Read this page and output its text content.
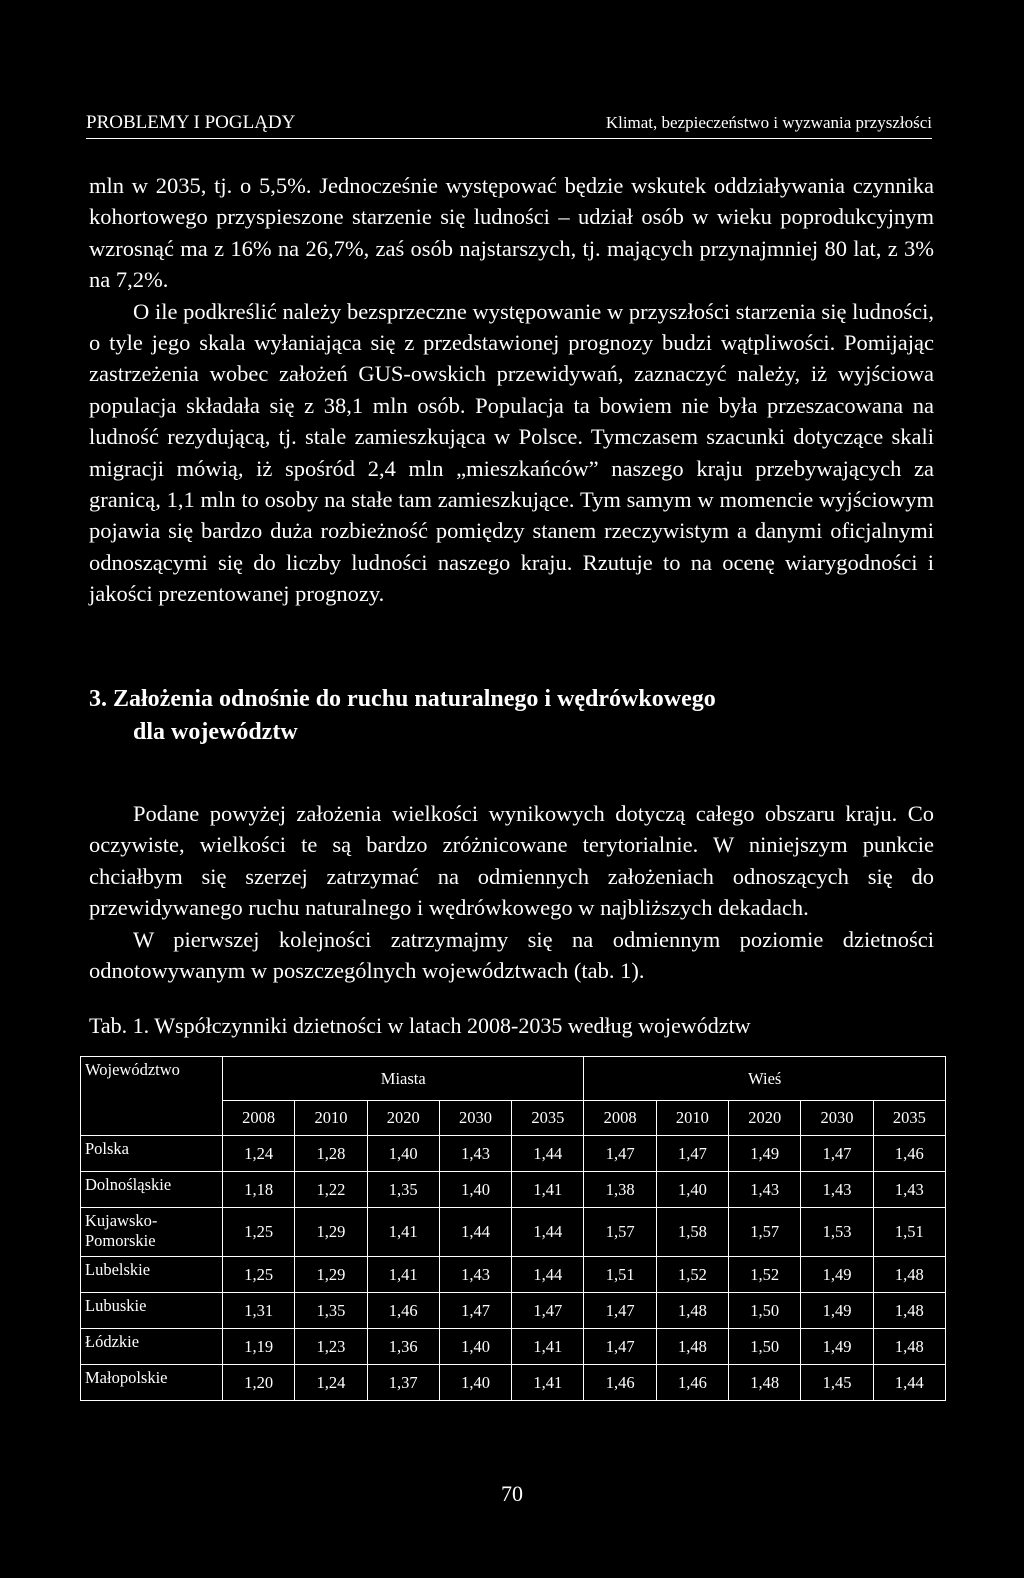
PROBLEMY I POGLĄDY	Klimat, bezpieczeństwo i wyzwania przyszłości

mln w 2035, tj. o 5,5%. Jednocześnie występować będzie wskutek oddziaływania czynnika kohortowego przyspieszone starzenie się ludności – udział osób w wieku poprodukcyjnym wzrosnąć ma z 16% na 26,7%, zaś osób najstarszych, tj. mających przynajmniej 80 lat, z 3% na 7,2%.

O ile podkreślić należy bezsprzeczne występowanie w przyszłości starzenia się ludności, o tyle jego skala wyłaniająca się z przedstawionej prognozy budzi wątpliwości. Pomijając zastrzeżenia wobec założeń GUS-owskich przewidywań, zaznaczyć należy, iż wyjściowa populacja składała się z 38,1 mln osób. Populacja ta bowiem nie była przeszacowana na ludność rezydującą, tj. stale zamieszkująca w Polsce. Tymczasem szacunki dotyczące skali migracji mówią, iż spośród 2,4 mln „mieszkańców” naszego kraju przebywających za granicą, 1,1 mln to osoby na stałe tam zamieszkujące. Tym samym w momencie wyjściowym pojawia się bardzo duża rozbieżność pomiędzy stanem rzeczywistym a danymi oficjalnymi odnoszącymi się do liczby ludności naszego kraju. Rzutuje to na ocenę wiarygodności i jakości prezentowanej prognozy.

3. Założenia odnośnie do ruchu naturalnego i wędrówkowego
dla województw

Podane powyżej założenia wielkości wynikowych dotyczą całego obszaru kraju. Co oczywiste, wielkości te są bardzo zróżnicowane terytorialnie. W niniejszym punkcie chciałbym się szerzej zatrzymać na odmiennych założeniach odnoszących się do przewidywanego ruchu naturalnego i wędrówkowego w najbliższych dekadach.

W pierwszej kolejności zatrzymajmy się na odmiennym poziomie dzietności odnotowywanym w poszczególnych województwach (tab. 1).

Tab. 1. Współczynniki dzietności w latach 2008-2035 według województw
Województwo	Miasta					Wieś				
	2008	2010	2020	2030	2035	2008	2010	2020	2030	2035
Polska	1,24	1,28	1,40	1,43	1,44	1,47	1,47	1,49	1,47	1,46
Dolnośląskie	1,18	1,22	1,35	1,40	1,41	1,38	1,40	1,43	1,43	1,43
Kujawsko-Pomorskie	1,25	1,29	1,41	1,44	1,44	1,57	1,58	1,57	1,53	1,51
Lubelskie	1,25	1,29	1,41	1,43	1,44	1,51	1,52	1,52	1,49	1,48
Lubuskie	1,31	1,35	1,46	1,47	1,47	1,47	1,48	1,50	1,49	1,48
Łódzkie	1,19	1,23	1,36	1,40	1,41	1,47	1,48	1,50	1,49	1,48
Małopolskie	1,20	1,24	1,37	1,40	1,41	1,46	1,46	1,48	1,45	1,44
70
